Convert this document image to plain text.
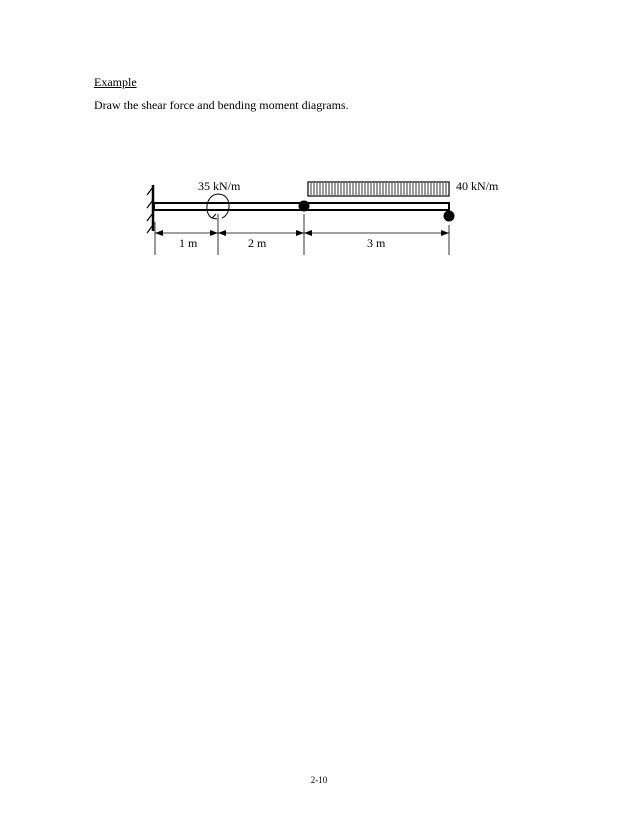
Example
Draw the shear force and bending moment diagrams.
35 kN/m	40 kN/m
1 m	2 m	3 m
2-10
